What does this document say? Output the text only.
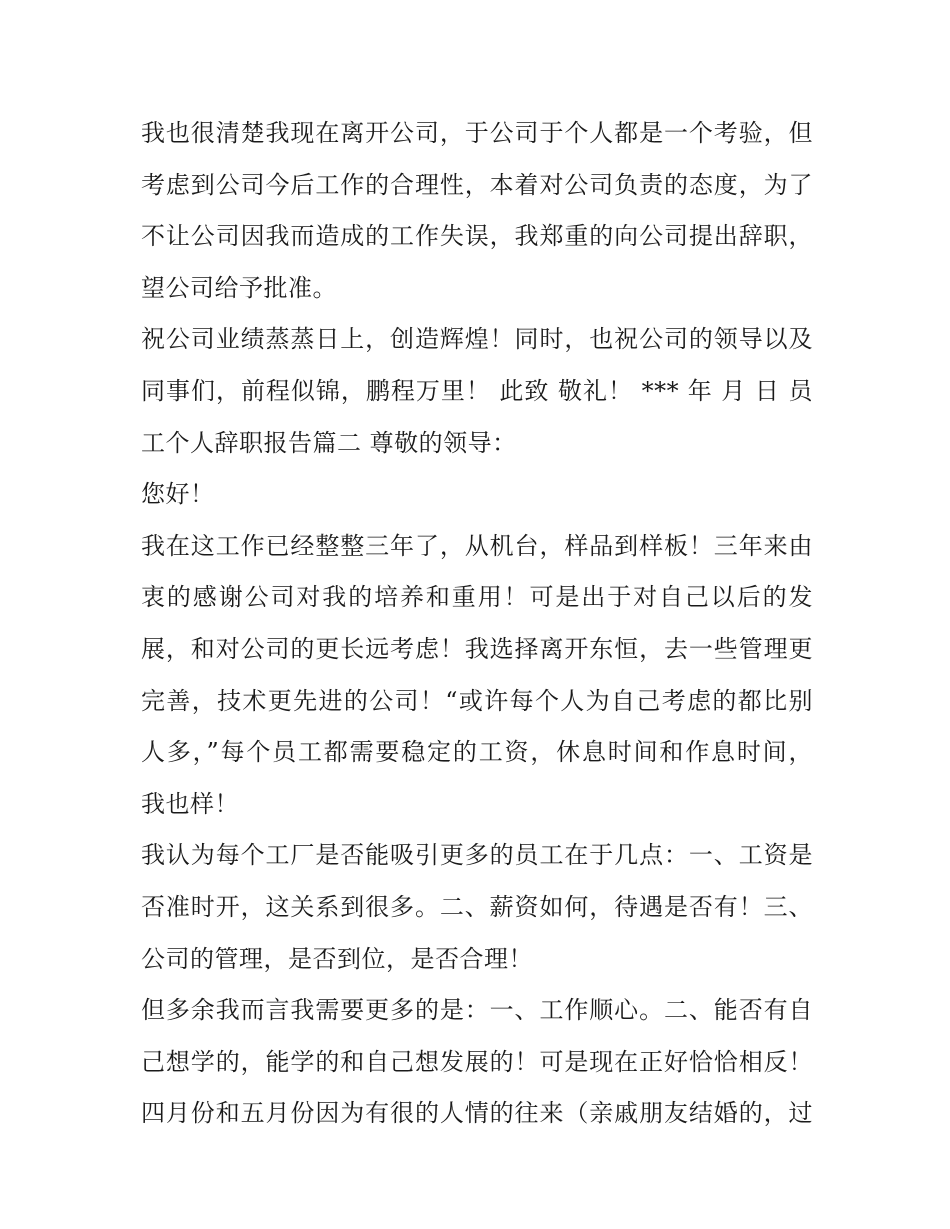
我也很清楚我现在离开公司，于公司于个人都是一个考验，但
考虑到公司今后工作的合理性，本着对公司负责的态度，为了
不让公司因我而造成的工作失误，我郑重的向公司提出辞职，
望公司给予批准。
祝公司业绩蒸蒸日上，创造辉煌！同时，也祝公司的领导以及
同事们，前程似锦，鹏程万里！ 此致 敬礼！ *** 年 月 日 员
工个人辞职报告篇二 尊敬的领导：
您好！
我在这工作已经整整三年了，从机台，样品到样板！三年来由
衷的感谢公司对我的培养和重用！可是出于对自己以后的发
展，和对公司的更长远考虑！我选择离开东恒，去一些管理更
完善，技术更先进的公司！“或许每个人为自己考虑的都比别
人多，”每个员工都需要稳定的工资，休息时间和作息时间，
我也样！
我认为每个工厂是否能吸引更多的员工在于几点：一、工资是
否准时开，这关系到很多。二、薪资如何，待遇是否有！三、
公司的管理，是否到位，是否合理！
但多余我而言我需要更多的是：一、工作顺心。二、能否有自
己想学的，能学的和自己想发展的！可是现在正好恰恰相反！
四月份和五月份因为有很的人情的往来（亲戚朋友结婚的，过
